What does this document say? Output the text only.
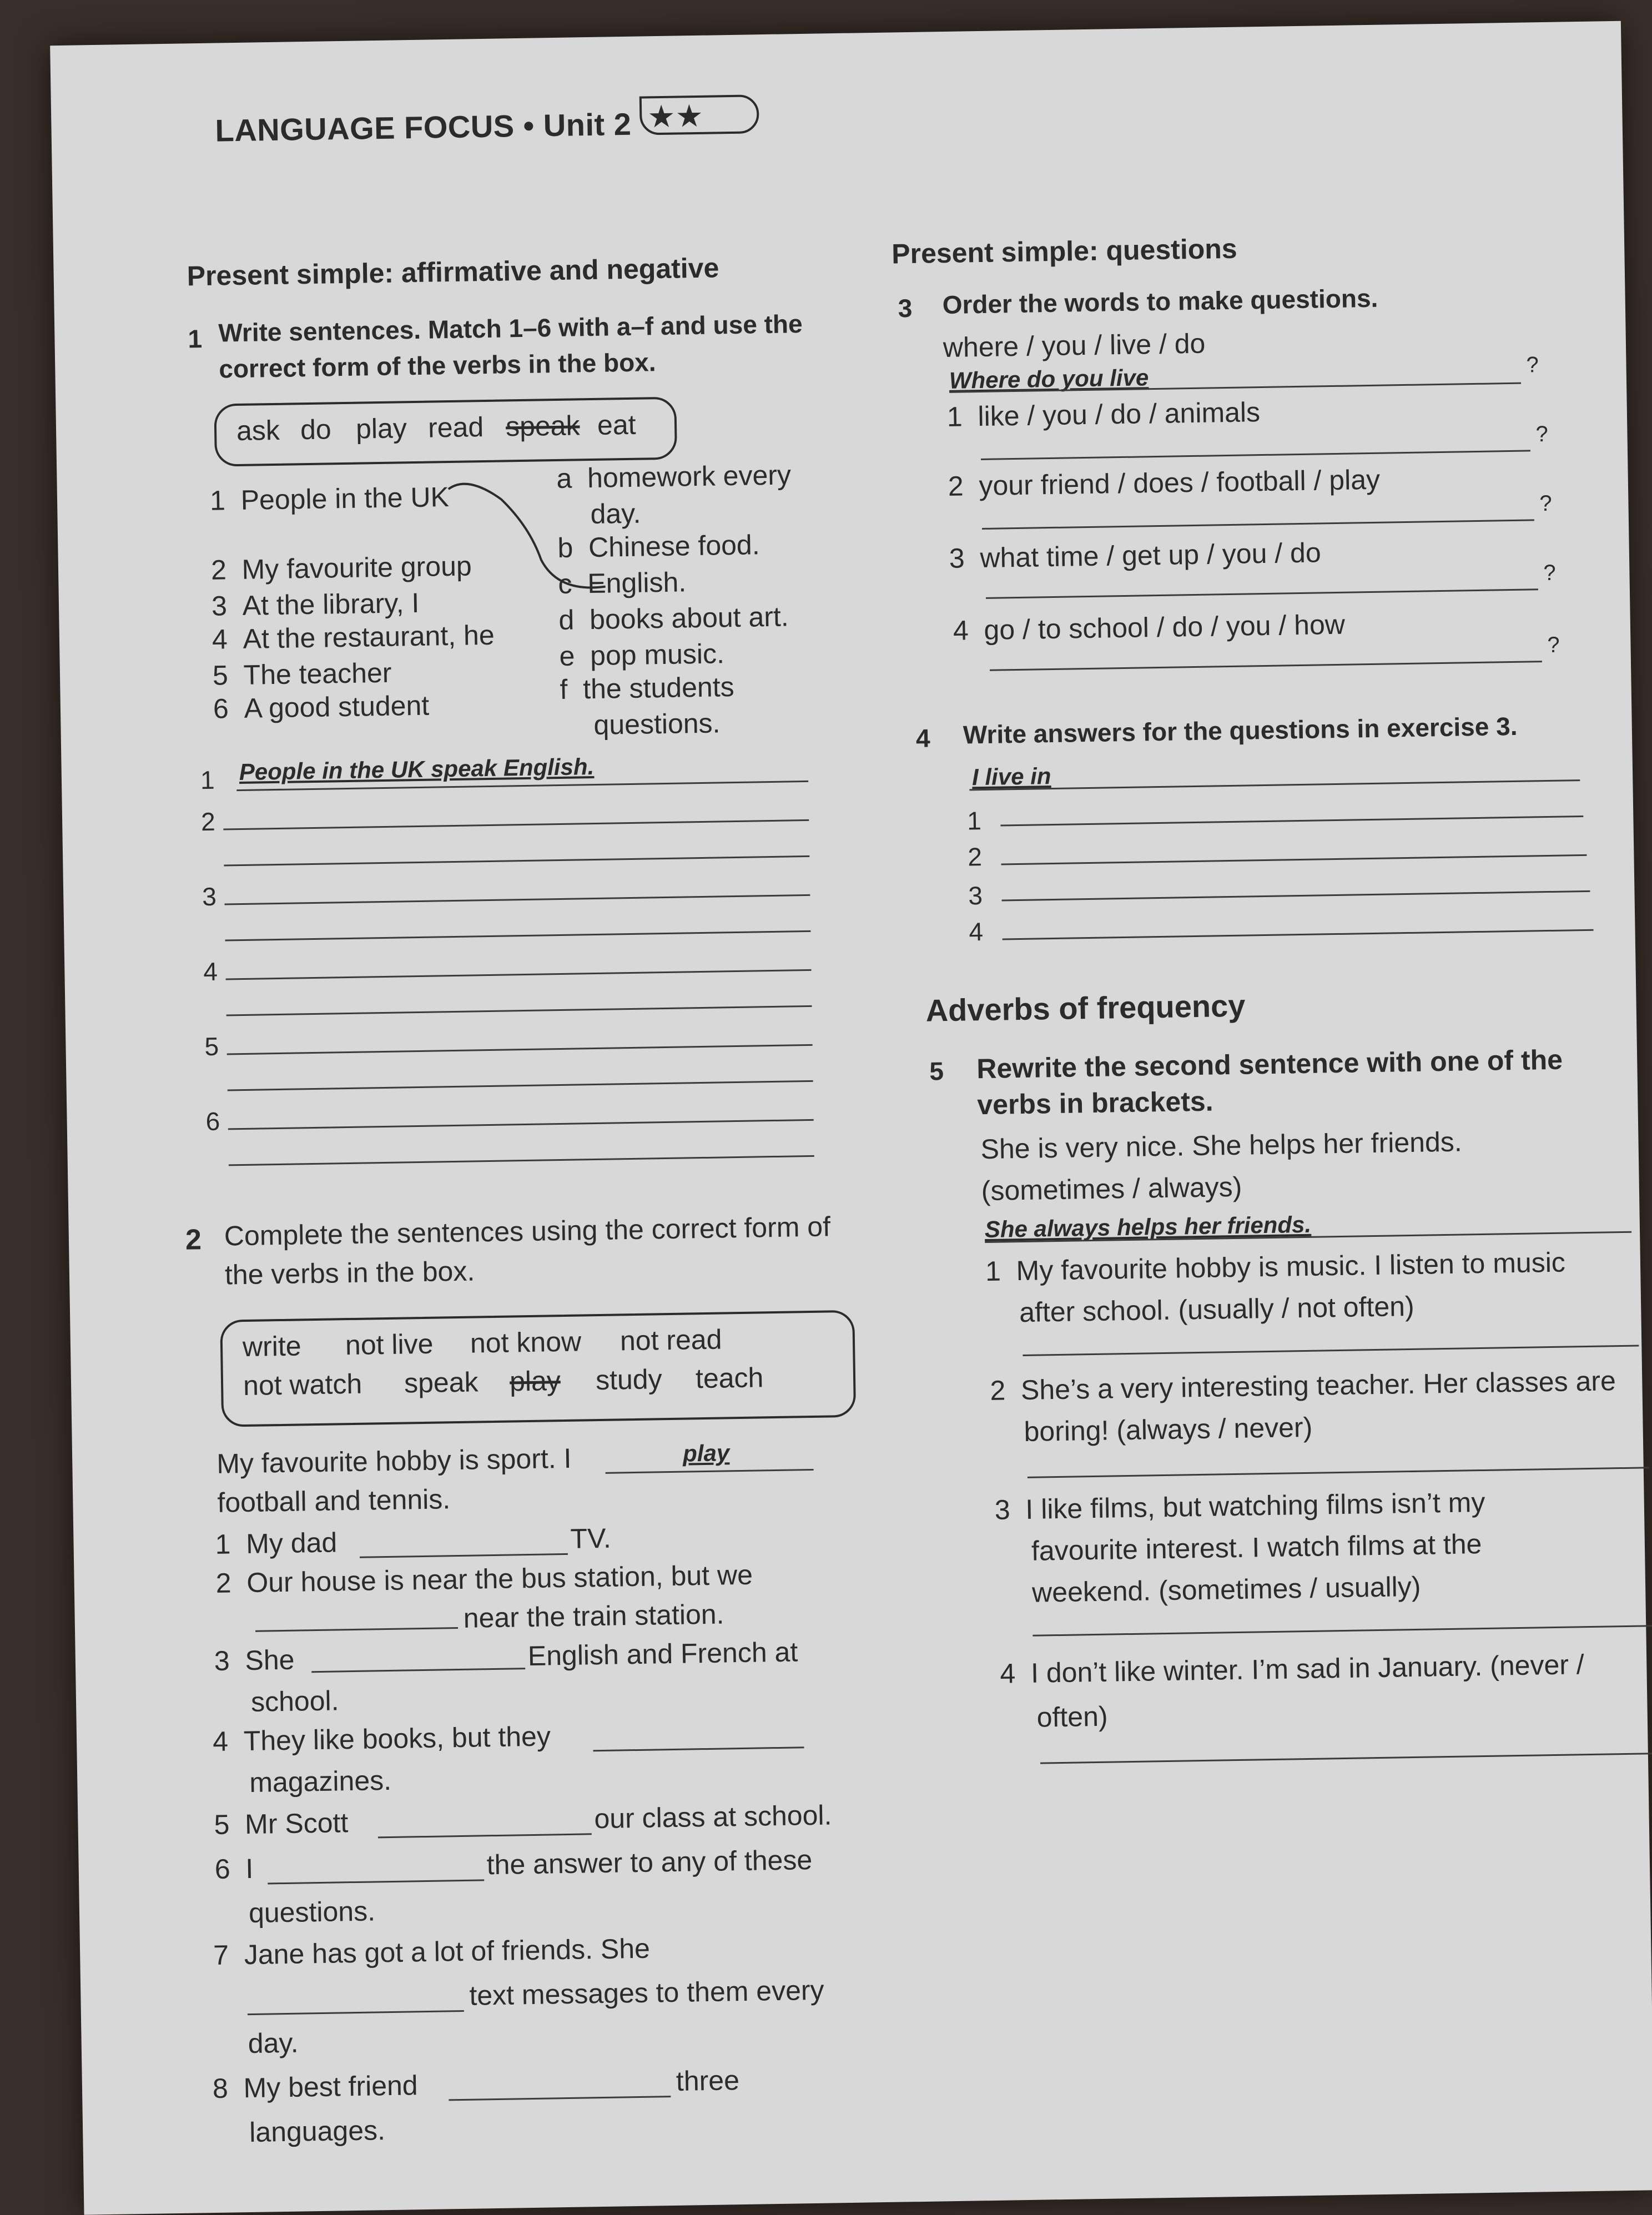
LANGUAGE FOCUS • Unit 2 ★★
Present simple: affirmative and negative
1 Write sentences. Match 1–6 with a–f and use the
correct form of the verbs in the box.
ask do play read speak eat
1 People in the UK
2 My favourite group
3 At the library, I
4 At the restaurant, he
5 The teacher
6 A good student
a homework every
day.
b Chinese food.
c English.
d books about art.
e pop music.
f the students
questions.
1 People in the UK speak English.
2
3
4
5
6
2 Complete the sentences using the correct form of
the verbs in the box.
write not live not know not read
not watch speak play study teach
My favourite hobby is sport. I	play
football and tennis.
1 My dad	TV.
2 Our house is near the bus station, but we
near the train station.
3 She	English and French at
school.
4 They like books, but they
magazines.
5 Mr Scott	our class at school.
6 I	the answer to any of these
questions.
7 Jane has got a lot of friends. She
text messages to them every
day.
8 My best friend	three
languages.
Present simple: questions
3 Order the words to make questions.
where / you / live / do
Where do you live	?
1 like / you / do / animals
?
2 your friend / does / football / play
?
3 what time / get up / you / do	?
4 go / to school / do / you / how	?
4 Write answers for the questions in exercise 3.
I live in
1
2
3
4
Adverbs of frequency
5 Rewrite the second sentence with one of the
verbs in brackets.
She is very nice. She helps her friends.
(sometimes / always)
She always helps her friends.
1 My favourite hobby is music. I listen to music
after school. (usually / not often)
2 She’s a very interesting teacher. Her classes are
boring! (always / never)
3 I like films, but watching films isn’t my
favourite interest. I watch films at the
weekend. (sometimes / usually)
4 I don’t like winter. I’m sad in January. (never /
often)
